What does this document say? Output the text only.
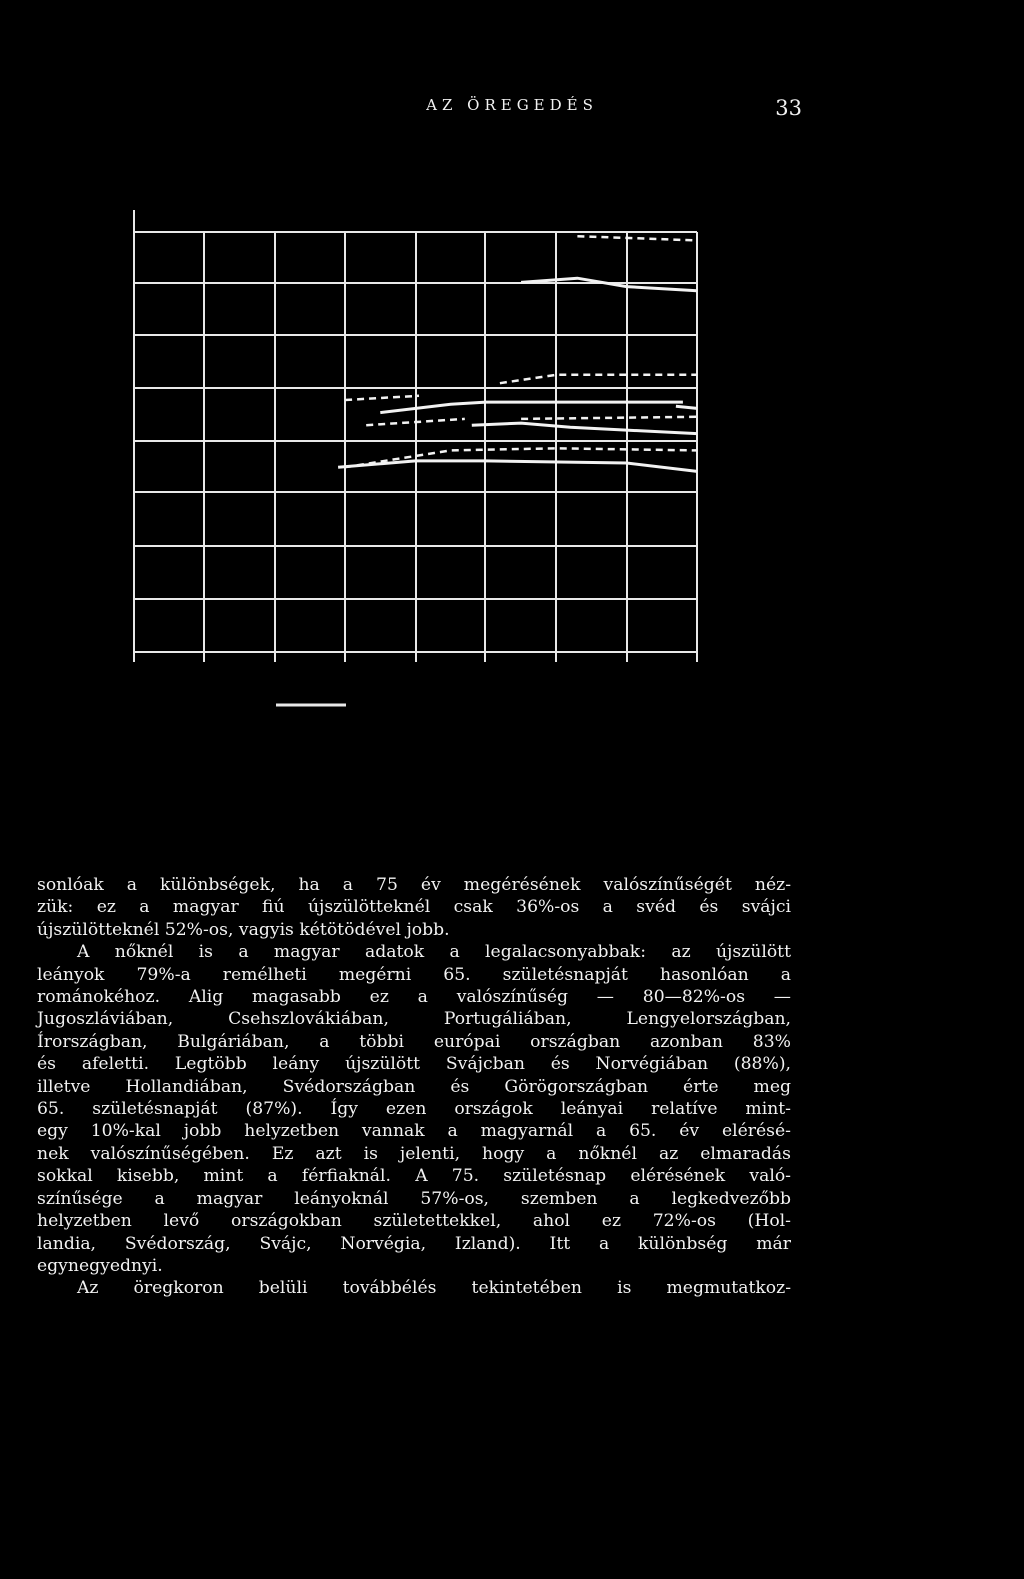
AZ ÖREGEDÉS	33

sonlóak a különbségek, ha a 75 év megérésének valószínűségét néz-

zük: ez a magyar fiú újszülötteknél csak 36%-os a svéd és svájci

újszülötteknél 52%-os, vagyis kétötödével jobb.

A nőknél is a magyar adatok a legalacsonyabbak: az újszülött

leányok 79%-a remélheti megérni 65. születésnapját hasonlóan a

románokéhoz. Alig magasabb ez a valószínűség — 80—82%-os —

Jugoszláviában, Csehszlovákiában, Portugáliában, Lengyelországban,

Írországban, Bulgáriában, a többi európai országban azonban 83%

és afeletti. Legtöbb leány újszülött Svájcban és Norvégiában (88%),

illetve Hollandiában, Svédországban és Görögországban érte meg

65. születésnapját (87%). Így ezen országok leányai relatíve mint-

egy 10%-kal jobb helyzetben vannak a magyarnál a 65. év elérésé-

nek valószínűségében. Ez azt is jelenti, hogy a nőknél az elmaradás

sokkal kisebb, mint a férfiaknál. A 75. születésnap elérésének való-

színűsége a magyar leányoknál 57%-os, szemben a legkedvezőbb

helyzetben levő országokban születettekkel, ahol ez 72%-os (Hol-

landia, Svédország, Svájc, Norvégia, Izland). Itt a különbség már

egynegyednyi.

Az öregkoron belüli továbbélés tekintetében is megmutatkoz-
